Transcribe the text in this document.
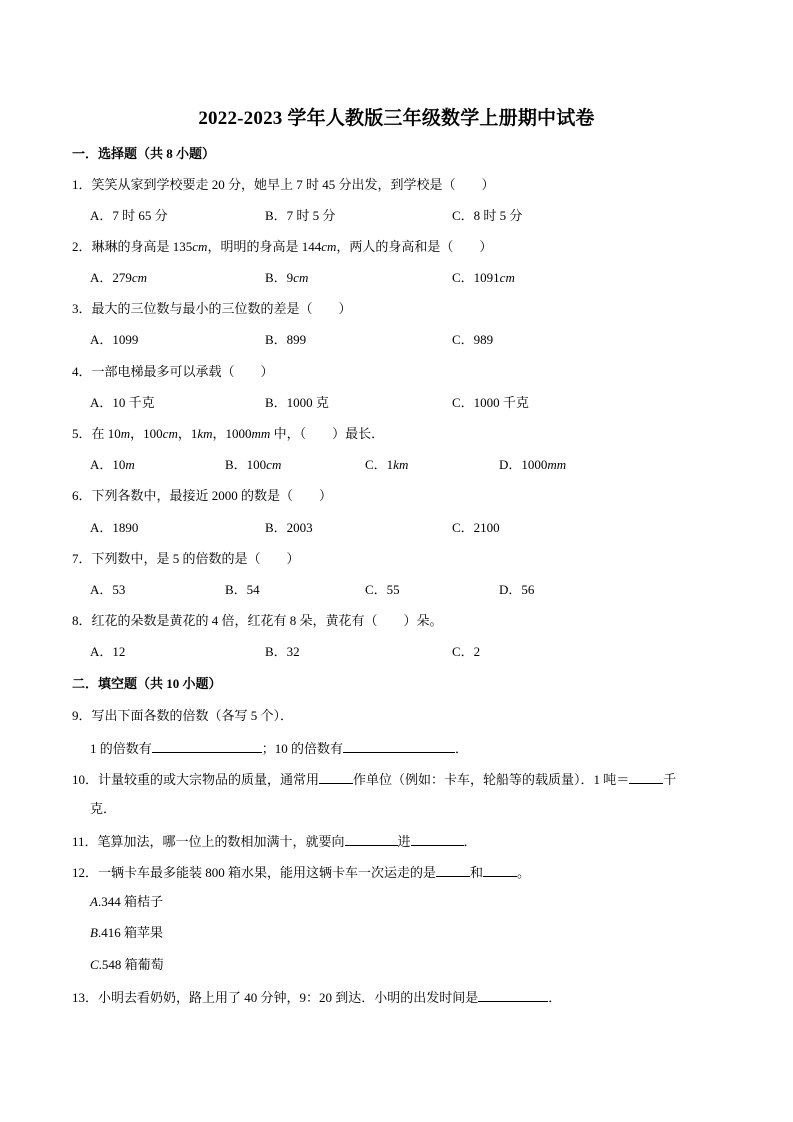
2022-2023 学年人教版三年级数学上册期中试卷
一．选择题（共 8 小题）
1．笑笑从家到学校要走 20 分，她早上 7 时 45 分出发，到学校是（　　）
A．7 时 65 分	B．7 时 5 分	C．8 时 5 分
2．琳琳的身高是 135cm，明明的身高是 144cm，两人的身高和是（　　）
A．279cm	B．9cm	C．1091cm
3．最大的三位数与最小的三位数的差是（　　）
A．1099	B．899	C．989
4．一部电梯最多可以承载（　　）
A．10 千克	B．1000 克	C．1000 千克
5．在 10m，100cm，1km，1000mm 中，（　　）最长．
A．10m	B．100cm	C．1km	D．1000mm
6．下列各数中，最接近 2000 的数是（　　）
A．1890	B．2003	C．2100
7．下列数中，是 5 的倍数的是（　　）
A．53	B．54	C．55	D．56
8．红花的朵数是黄花的 4 倍，红花有 8 朵，黄花有（　　）朵。
A．12	B．32	C．2
二．填空题（共 10 小题）
9．写出下面各数的倍数（各写 5 个）．
1 的倍数有	；10 的倍数有	．
10．计量较重的或大宗物品的质量，通常用	作单位（例如：卡车，轮船等的载质量）．1 吨＝	千
克．
11．笔算加法，哪一位上的数相加满十，就要向	进	．
12．一辆卡车最多能装 800 箱水果，能用这辆卡车一次运走的是	和	。
A.344 箱桔子
B.416 箱苹果
C.548 箱葡萄
13．小明去看奶奶，路上用了 40 分钟，9：20 到达．小明的出发时间是	．
